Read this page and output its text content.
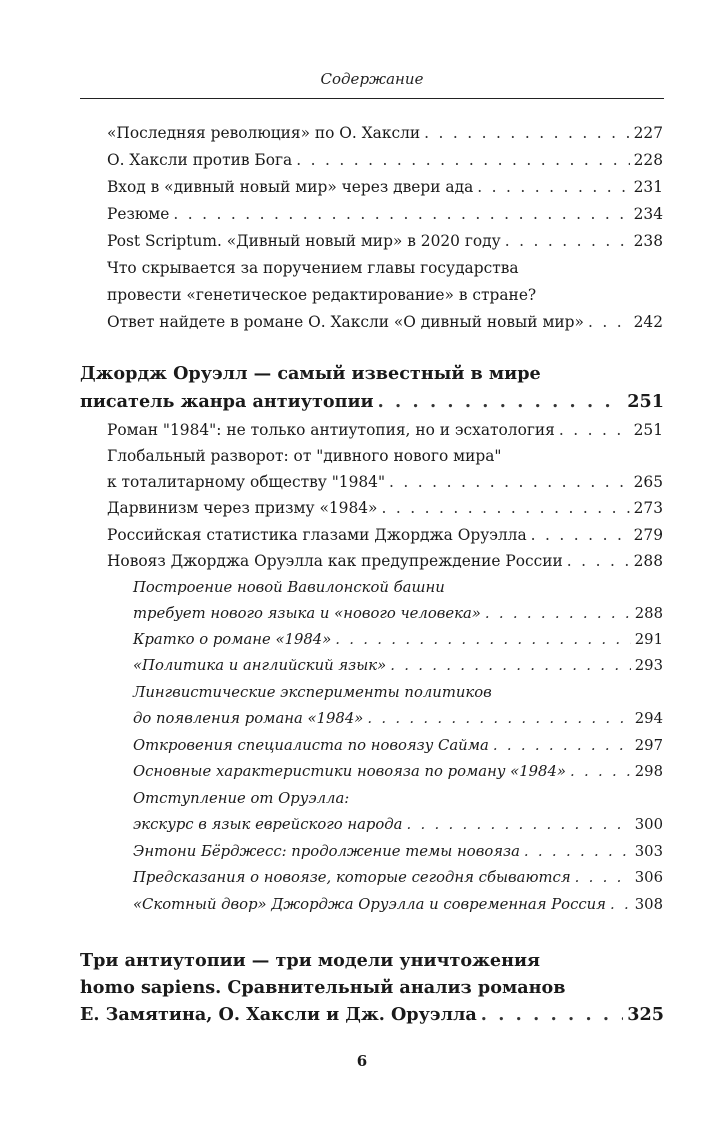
Содержание
«Последняя революция» по О. Хаксли . . .	227
О. Хаксли против Бога . . .	228
Вход в «дивный новый мир» через двери ада . . .	231
Резюме . . .	234
Post Scriptum. «Дивный новый мир» в 2020 году . . .	238
Что скрывается за поручением главы государства
провести «генетическое редактирование» в стране?
Ответ найдете в романе О. Хаксли «О дивный новый мир» . . .	242
Джордж Оруэлл — самый известный в мире
писатель жанра антиутопии . . .	251
Роман "1984": не только антиутопия, но и эсхатология . . .	251
Глобальный разворот: от "дивного нового мира"
к тоталитарному обществу "1984" . . .	265
Дарвинизм через призму «1984» . . .	273
Российская статистика глазами Джорджа Оруэлла . . .	279
Новояз Джорджа Оруэлла как предупреждение России . . .	288
Построение новой Вавилонской башни
требует нового языка и «нового человека» . . .	288
Кратко о романе «1984» . . .	291
«Политика и английский язык» . . .	293
Лингвистические эксперименты политиков
до появления романа «1984» . . .	294
Откровения специалиста по новоязу Сайма . . .	297
Основные характеристики новояза по роману «1984» . . .	298
Отступление от Оруэлла:
экскурс в язык еврейского народа . . .	300
Энтони Бёрджесс: продолжение темы новояза . . .	303
Предсказания о новоязе, которые сегодня сбываются . . .	306
«Скотный двор» Джорджа Оруэлла и современная Россия . . . 308
Три антиутопии — три модели уничтожения
homo sapiens. Сравнительный анализ романов
Е. Замятина, О. Хаксли и Дж. Оруэлла . . .	325
6
